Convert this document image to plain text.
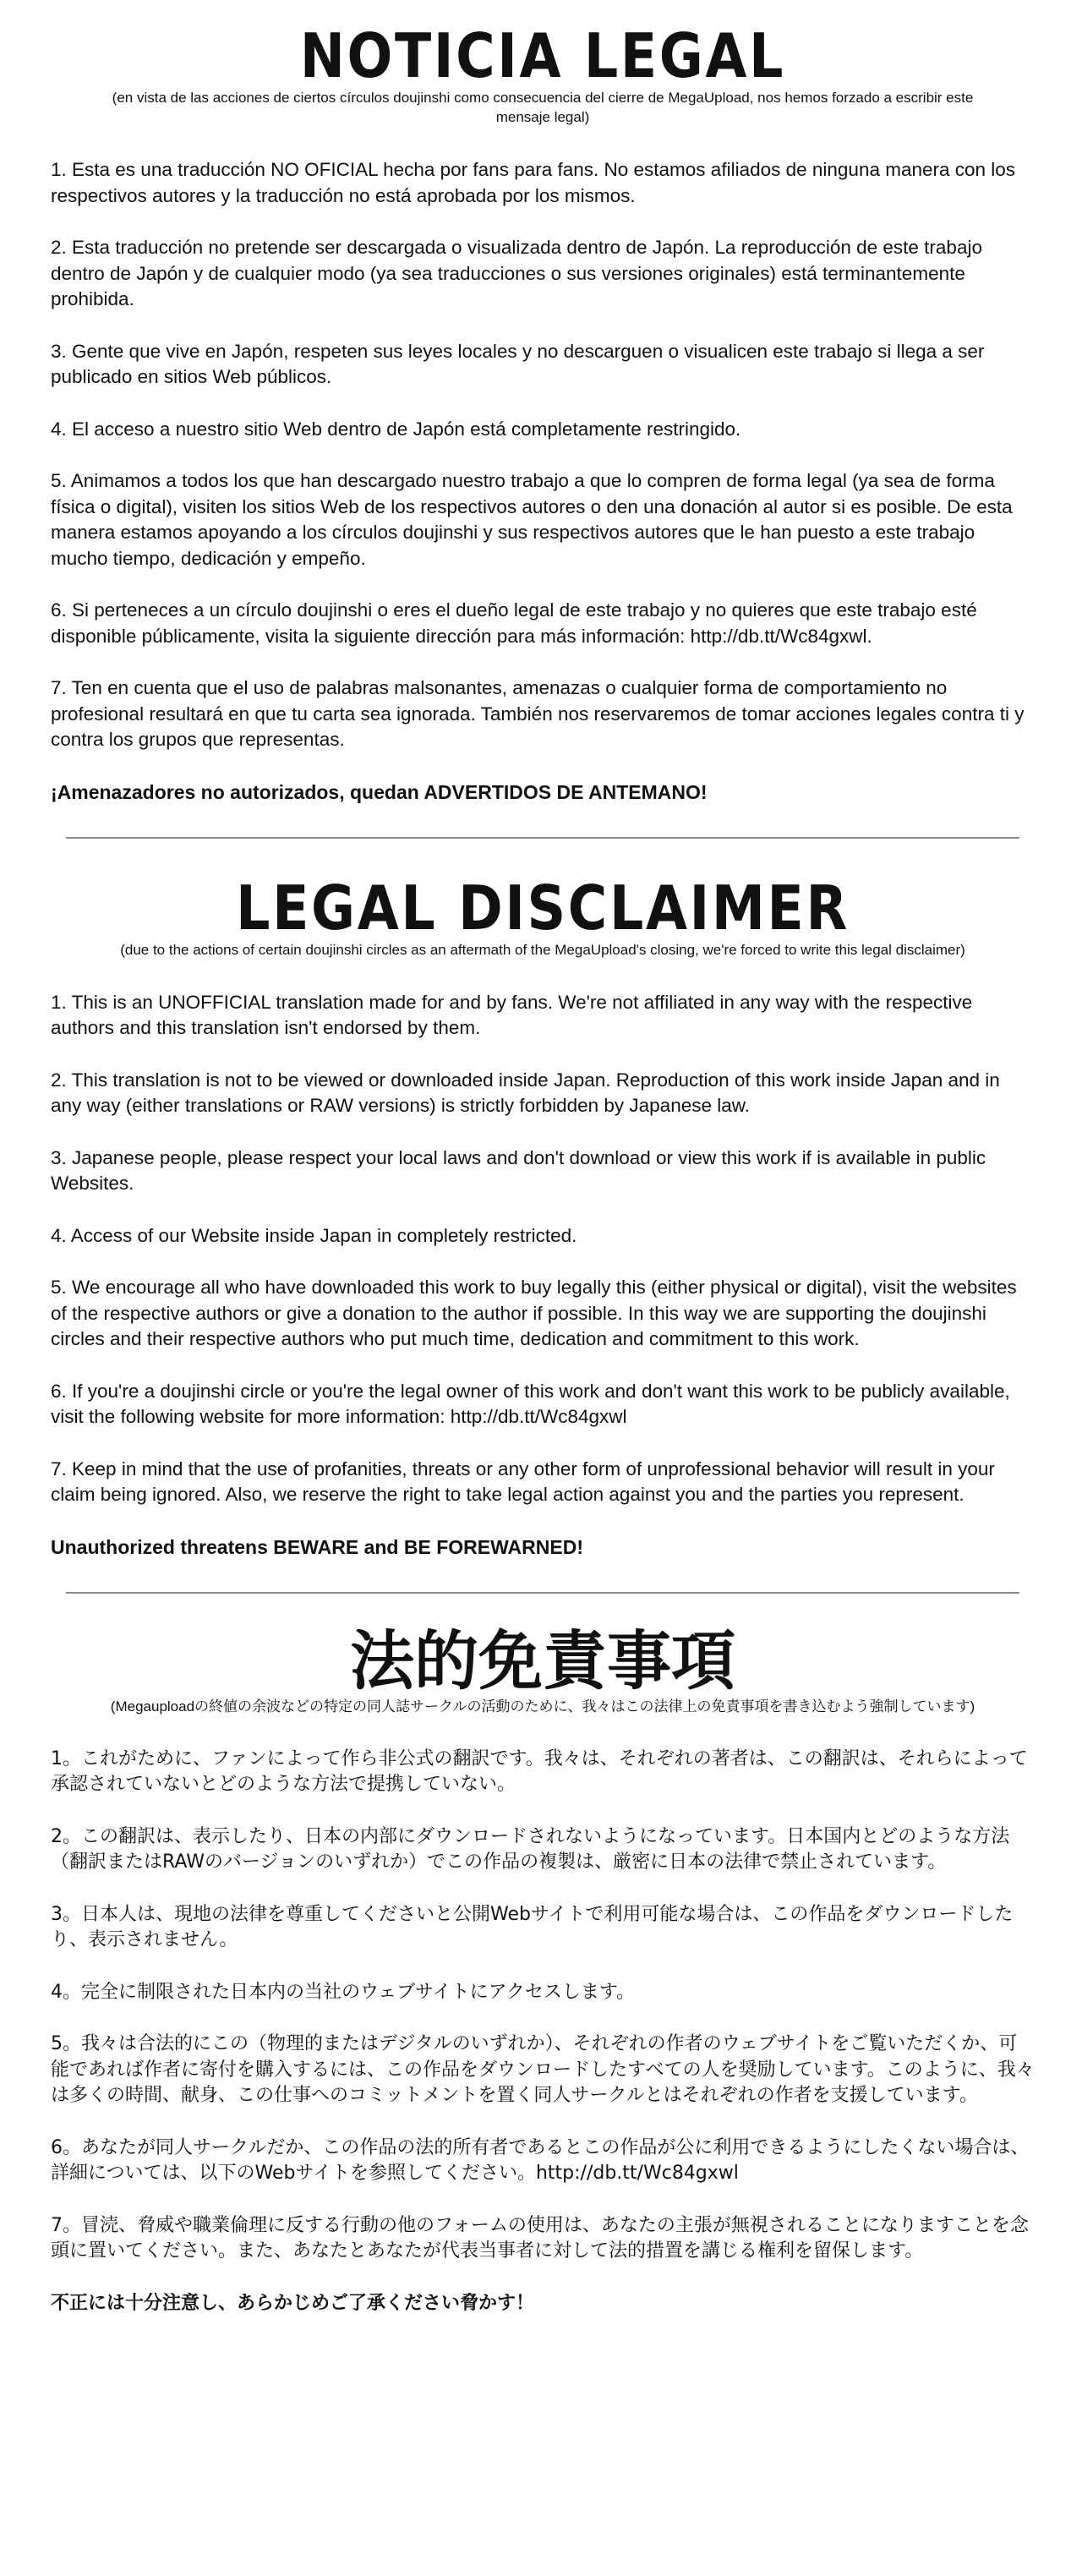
NOTICIA LEGAL

(en vista de las acciones de ciertos círculos doujinshi como consecuencia del cierre de MegaUpload, nos hemos forzado a escribir este mensaje legal)

1. Esta es una traducción NO OFICIAL hecha por fans para fans. No estamos afiliados de ninguna manera con los respectivos autores y la traducción no está aprobada por los mismos.

2. Esta traducción no pretende ser descargada o visualizada dentro de Japón. La reproducción de este trabajo dentro de Japón y de cualquier modo (ya sea traducciones o sus versiones originales) está terminantemente prohibida.

3. Gente que vive en Japón, respeten sus leyes locales y no descarguen o visualicen este trabajo si llega a ser publicado en sitios Web públicos.

4. El acceso a nuestro sitio Web dentro de Japón está completamente restringido.

5. Animamos a todos los que han descargado nuestro trabajo a que lo compren de forma legal (ya sea de forma física o digital), visiten los sitios Web de los respectivos autores o den una donación al autor si es posible. De esta manera estamos apoyando a los círculos doujinshi y sus respectivos autores que le han puesto a este trabajo mucho tiempo, dedicación y empeño.

6. Si perteneces a un círculo doujinshi o eres el dueño legal de este trabajo y no quieres que este trabajo esté disponible públicamente, visita la siguiente dirección para más información: http://db.tt/Wc84gxwl.

7. Ten en cuenta que el uso de palabras malsonantes, amenazas o cualquier forma de comportamiento no profesional resultará en que tu carta sea ignorada. También nos reservaremos de tomar acciones legales contra ti y contra los grupos que representas.

¡Amenazadores no autorizados, quedan ADVERTIDOS DE ANTEMANO!

LEGAL DISCLAIMER

(due to the actions of certain doujinshi circles as an aftermath of the MegaUpload's closing, we're forced to write this legal disclaimer)

1. This is an UNOFFICIAL translation made for and by fans. We're not affiliated in any way with the respective authors and this translation isn't endorsed by them.

2. This translation is not to be viewed or downloaded inside Japan. Reproduction of this work inside Japan and in any way (either translations or RAW versions) is strictly forbidden by Japanese law.

3. Japanese people, please respect your local laws and don't download or view this work if is available in public Websites.

4. Access of our Website inside Japan in completely restricted.

5. We encourage all who have downloaded this work to buy legally this (either physical or digital), visit the websites of the respective authors or give a donation to the author if possible. In this way we are supporting the doujinshi circles and their respective authors who put much time, dedication and commitment to this work.

6. If you're a doujinshi circle or you're the legal owner of this work and don't want this work to be publicly available, visit the following website for more information: http://db.tt/Wc84gxwl

7. Keep in mind that the use of profanities, threats or any other form of unprofessional behavior will result in your claim being ignored. Also, we reserve the right to take legal action against you and the parties you represent.

Unauthorized threatens BEWARE and BE FOREWARNED!

法的免責事項

(Megauploadの終値の余波などの特定の同人誌サークルの活動のために、我々はこの法律上の免責事項を書き込むよう強制しています)

1。これがために、ファンによって作ら非公式の翻訳です。我々は、それぞれの著者は、この翻訳は、それらによって承認されていないとどのような方法で提携していない。

2。この翻訳は、表示したり、日本の内部にダウンロードされないようになっています。日本国内とどのような方法（翻訳またはRAWのバージョンのいずれか）でこの作品の複製は、厳密に日本の法律で禁止されています。

3。日本人は、現地の法律を尊重してくださいと公開Webサイトで利用可能な場合は、この作品をダウンロードしたり、表示されません。

4。完全に制限された日本内の当社のウェブサイトにアクセスします。

5。我々は合法的にこの（物理的またはデジタルのいずれか）、それぞれの作者のウェブサイトをご覧いただくか、可能であれば作者に寄付を購入するには、この作品をダウンロードしたすべての人を奨励しています。このように、我々は多くの時間、献身、この仕事へのコミットメントを置く同人サークルとはそれぞれの作者を支援しています。

6。あなたが同人サークルだか、この作品の法的所有者であるとこの作品が公に利用できるようにしたくない場合は、詳細については、以下のWebサイトを参照してください。http://db.tt/Wc84gxwl

7。冒涜、脅威や職業倫理に反する行動の他のフォームの使用は、あなたの主張が無視されることになりますことを念頭に置いてください。また、あなたとあなたが代表当事者に対して法的措置を講じる権利を留保します。

不正には十分注意し、あらかじめご了承ください脅かす！
